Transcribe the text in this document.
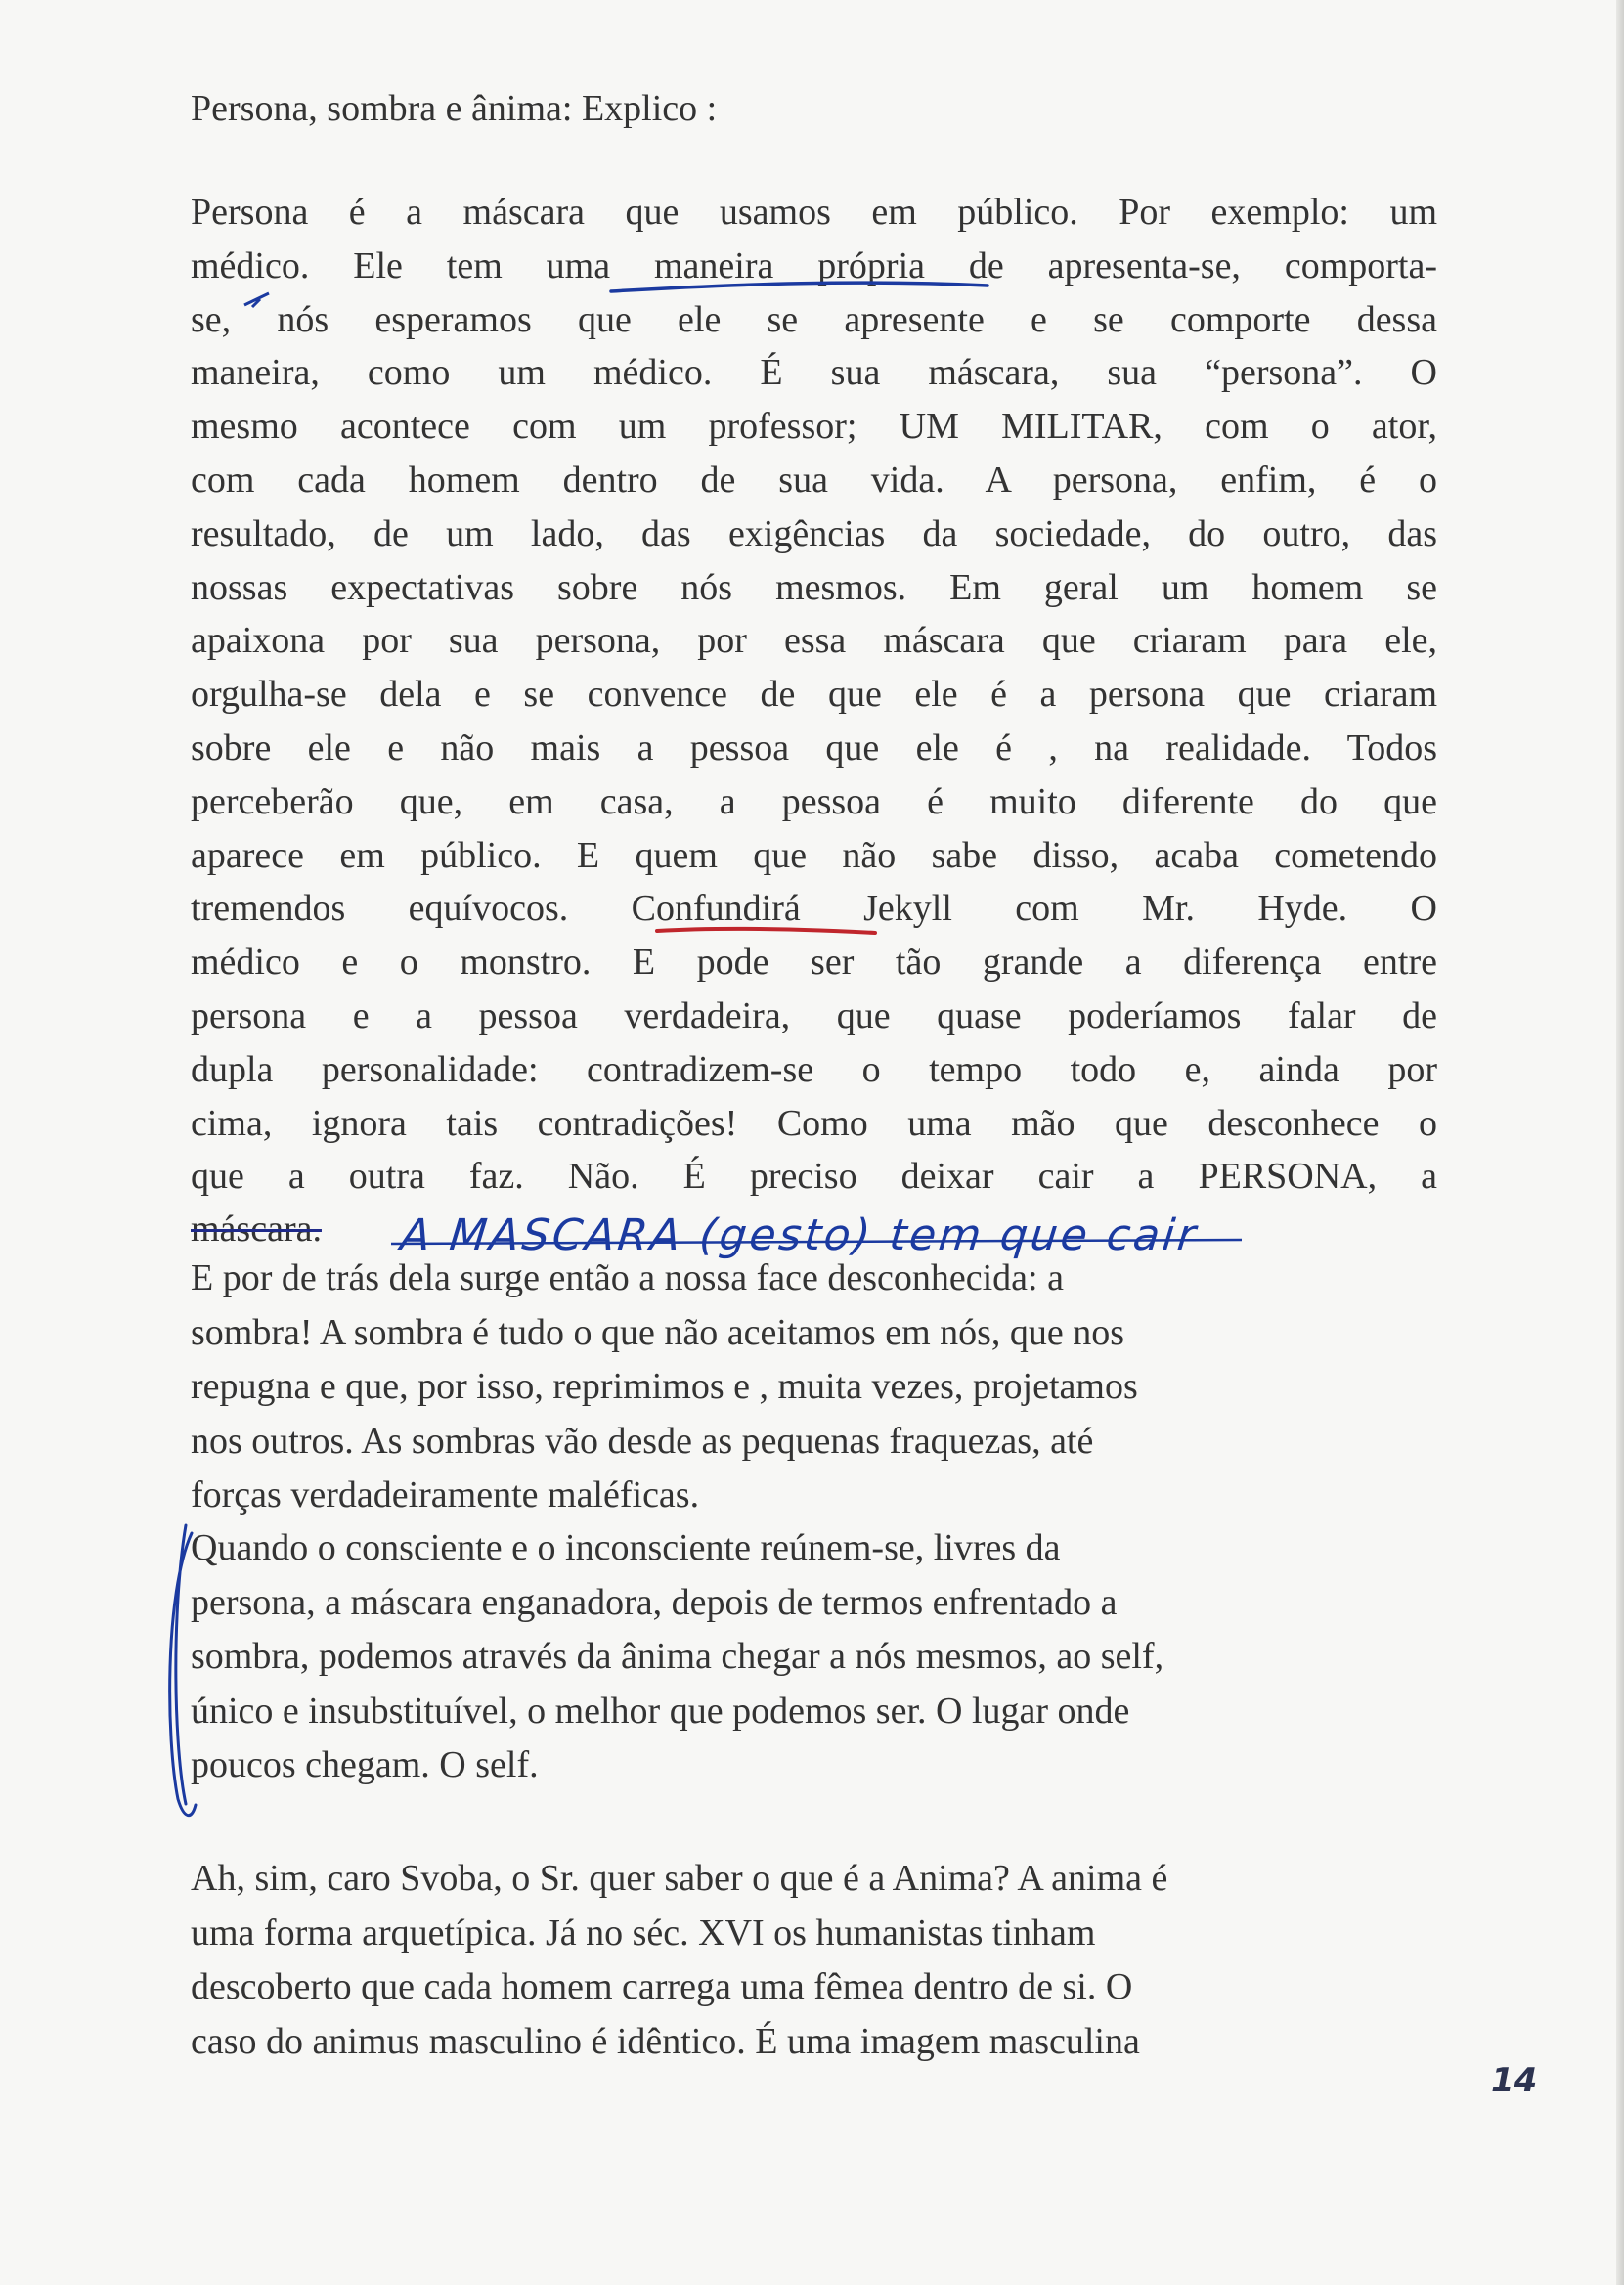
Persona, sombra e ânima: Explico :
Persona é a máscara que usamos em público. Por exemplo: um
médico. Ele tem uma maneira própria de apresenta-se, comporta-
se, nós esperamos que ele se apresente e se comporte dessa
maneira, como um médico. É sua máscara, sua “persona”. O
mesmo acontece com um professor; UM MILITAR, com o ator,
com cada homem dentro de sua vida. A persona, enfim, é o
resultado, de um lado, das exigências da sociedade, do outro, das
nossas expectativas sobre nós mesmos. Em geral um homem se
apaixona por sua persona, por essa máscara que criaram para ele,
orgulha-se dela e se convence de que ele é a persona que criaram
sobre ele e não mais a pessoa que ele é , na realidade. Todos
perceberão que, em casa, a pessoa é muito diferente do que
aparece em público. E quem que não sabe disso, acaba cometendo
tremendos equívocos. Confundirá Jekyll com Mr. Hyde. O
médico e o monstro. E pode ser tão grande a diferença entre
persona e a pessoa verdadeira, que quase poderíamos falar de
dupla personalidade: contradizem-se o tempo todo e, ainda por
cima, ignora tais contradições! Como uma mão que desconhece o
que a outra faz. Não. É preciso deixar cair a PERSONA, a
máscara.	A MASCARA (gesto) tem que cair
E por de trás dela surge então a nossa face desconhecida: a
sombra! A sombra é tudo o que não aceitamos em nós, que nos
repugna e que, por isso, reprimimos e , muita vezes, projetamos
nos outros. As sombras vão desde as pequenas fraquezas, até
forças verdadeiramente maléficas.
Quando o consciente e o inconsciente reúnem-se, livres da
persona, a máscara enganadora, depois de termos enfrentado a
sombra, podemos através da ânima chegar a nós mesmos, ao self,
único e insubstituível, o melhor que podemos ser. O lugar onde
poucos chegam. O self.
Ah, sim, caro Svoba, o Sr. quer saber o que é a Anima? A anima é
uma forma arquetípica. Já no séc. XVI os humanistas tinham
descoberto que cada homem carrega uma fêmea dentro de si. O
caso do animus masculino é idêntico. É uma imagem masculina
14
